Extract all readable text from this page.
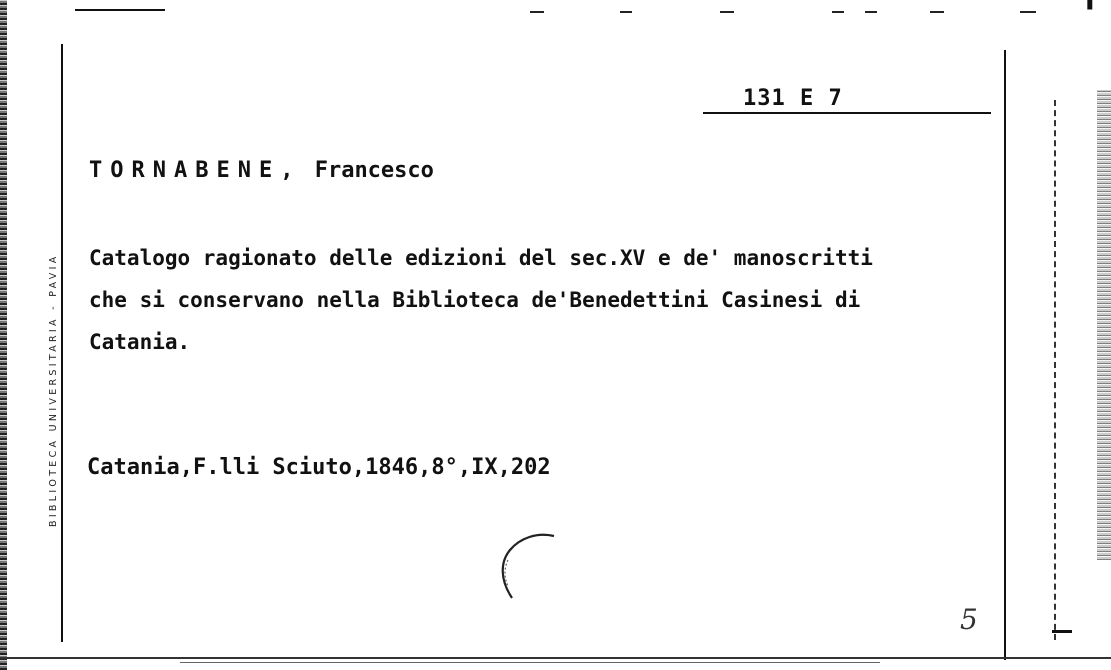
▘
BIBLIOTECA UNIVERSITARIA - PAVIA
131 E 7
TORNABENE, Francesco
Catalogo ragionato delle edizioni del sec.XV e de' manoscritti
che si conservano nella Biblioteca de'Benedettini Casinesi di
Catania.
Catania,F.lli Sciuto,1846,8°,IX,202
5
